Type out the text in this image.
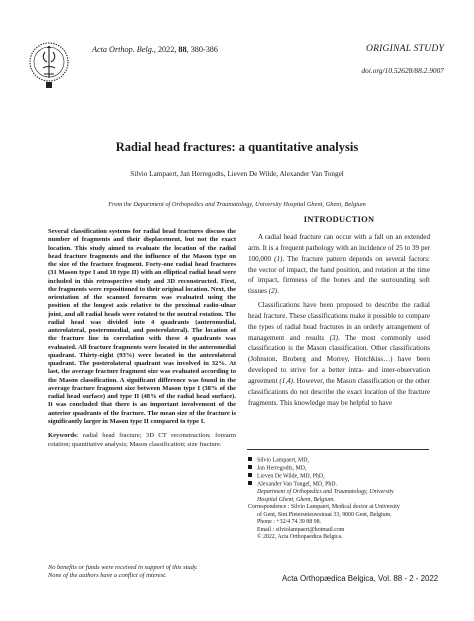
Acta Orthop. Belg., 2022, 88, 380-386	ORIGINAL STUDY
doi.org/10.52628/88.2.9007
Radial head fractures: a quantitative analysis
Silvio Lampaert, Jan Herregodts, Lieven De Wilde, Alexander Van Tongel
From the Department of Orthopedics and Traumatology, University Hospital Ghent, Ghent, Belgium

Several classification systems for radial head fractures discuss the number of fragments and their displacement, but not the exact location. This study aimed to evaluate the location of the radial head fracture fragments and the influence of the Mason type on the size of the fracture fragment. Forty-one radial head fractures (31 Mason type I and 10 type II) with an elliptical radial head were included in this retrospective study and 3D reconstructed. First, the fragments were repositioned to their original location. Next, the orientation of the scanned forearm was evaluated using the position of the longest axis relative to the proximal radio-ulnar joint, and all radial heads were rotated to the neutral rotation. The radial head was divided into 4 quadrants (anteromedial, anterolateral, posteromedial, and posterolateral). The location of the fracture line in correlation with these 4 quadrants was evaluated. All fracture fragments were located in the anteromedial quadrant. Thirty-eight (93%) were located in the anterolateral quadrant. The posterolateral quadrant was involved in 32%. At last, the average fracture fragment size was evaluated according to the Mason classification. A significant difference was found in the average fracture fragment size between Mason type I (38% of the radial head surface) and type II (48% of the radial head surface). It was concluded that there is an important involvement of the anterior quadrants of the fracture. The mean size of the fracture is significantly larger in Mason type II compared to type I.

Keywords: radial head fracture; 3D CT reconstruction; forearm rotation; quantitative analysis; Mason classification; size fracture.

INTRODUCTION

A radial head fracture can occur with a fall on an extended arm. It is a frequent pathology with an incidence of 25 to 39 per 100,000 (1). The fracture pattern depends on several factors: the vector of impact, the hand position, and rotation at the time of impact, firmness of the bones and the surrounding soft tissues (2).

Classifications have been proposed to describe the radial head fracture. These classifications make it possible to compare the types of radial head fractures in an orderly arrangement of management and results (3). The most commonly used classification is the Mason classification. Other classifications (Johnston, Broberg and Morrey, Hotchkiss…) have been developed to strive for a better intra- and inter-observation agreement (1,4). However, the Mason classification or the other classifications do not describe the exact location of the fracture fragments. This knowledge may be helpful to have

Silvio Lampaert, MD,
Jan Herregodts, MD,
Lieven De Wilde, MD, PhD,
Alexander Van Tongel, MD, PhD.
Department of Orthopedics and Traumatology, University
Hospital Ghent, Ghent, Belgium.
Correspondence : Silvio Lampaert, Medical doctor at University
of Gent, Sint Pietersnieuwstraat 33, 9000 Gent, Belgium.
Phone : +32/4 74 39 88 98.
Email : silviolampaert@hotmail.com
© 2022, Acta Orthopaedica Belgica.
No benefits or funds were received in support of this study.
None of the authors have a conflict of interest.	Acta Orthopædica Belgica, Vol. 88 - 2 - 2022
